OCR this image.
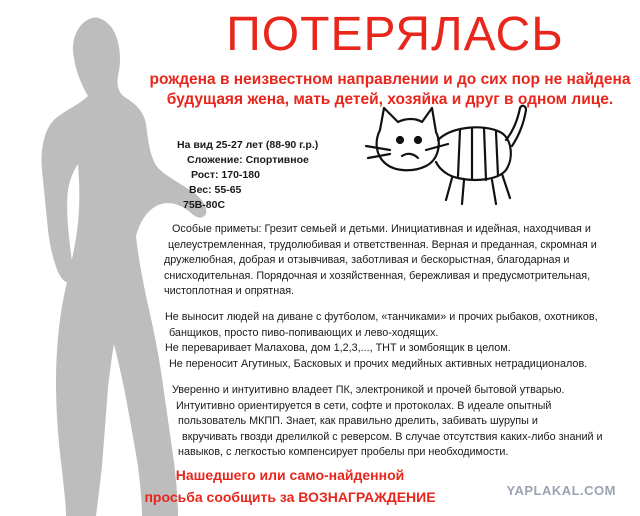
ПОТЕРЯЛАСЬ
рождена в неизвестном направлении и до сих пор не найдена
будущаяя жена, мать детей, хозяйка и друг в одном лице.
На вид 25-27 лет (88-90 г.р.)
Сложение: Спортивное
Рост: 170-180
Вес: 55-65
75В-80С
Особые приметы: Грезит семьей и детьми. Инициативная и идейная, находчивая и
целеустремленная, трудолюбивая и ответственная. Верная и преданная, скромная и
дружелюбная, добрая и отзывчивая, заботливая и бескорыстная, благодарная и
снисходительная. Порядочная и хозяйственная, бережливая и предусмотрительная,
чистоплотная и опрятная.
Не выносит людей на диване с футболом, «танчиками» и прочих рыбаков, охотников,
банщиков, просто пиво-попивающих и лево-ходящих.
Не переваривает Малахова, дом 1,2,3,..., ТНТ и зомбоящик в целом.
Не переносит Агутиных, Басковых и прочих медийных активных нетрадиционалов.
Уверенно и интуитивно владеет ПК, электроникой и прочей бытовой утварью.
Интуитивно ориентируется в сети, софте и протоколах. В идеале опытный
пользователь МКПП. Знает, как правильно дрелить, забивать шурупы и
вкручивать гвозди дрелилкой с реверсом. В случае отсутствия каких-либо знаний и
навыков, с легкостью компенсирует пробелы при необходимости.
Нашедшего или само-найденной
просьба сообщить за ВОЗНАГРАЖДЕНИЕ	YAPLAKAL.COM
